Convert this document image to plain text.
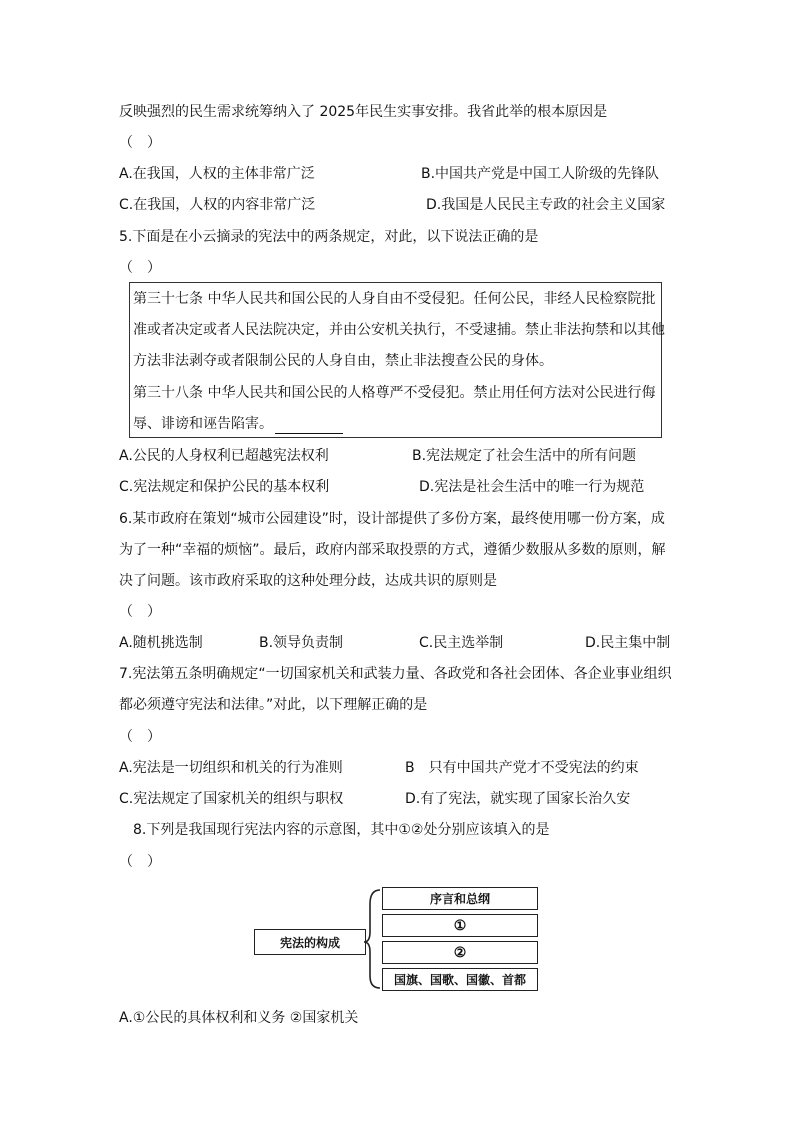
反映强烈的民生需求统筹纳入了 2025年民生实事安排。我省此举的根本原因是
（　）
A.在我国，人权的主体非常广泛	B.中国共产党是中国工人阶级的先锋队
C.在我国，人权的内容非常广泛	D.我国是人民民主专政的社会主义国家
5.下面是在小云摘录的宪法中的两条规定，对此，以下说法正确的是
（　）
第三十七条 中华人民共和国公民的人身自由不受侵犯。任何公民，非经人民检察院批
准或者决定或者人民法院决定，并由公安机关执行，不受逮捕。禁止非法拘禁和以其他
方法非法剥夺或者限制公民的人身自由，禁止非法搜查公民的身体。
第三十八条 中华人民共和国公民的人格尊严不受侵犯。禁止用任何方法对公民进行侮
辱、诽谤和诬告陷害。
A.公民的人身权利已超越宪法权利	B.宪法规定了社会生活中的所有问题
C.宪法规定和保护公民的基本权利	D.宪法是社会生活中的唯一行为规范
6.某市政府在策划“城市公园建设”时，设计部提供了多份方案，最终使用哪一份方案，成
为了一种“幸福的烦恼”。最后，政府内部采取投票的方式，遵循少数服从多数的原则，解
决了问题。该市政府采取的这种处理分歧，达成共识的原则是
（　）
A.随机挑选制	B.领导负责制	C.民主选举制	D.民主集中制
7.宪法第五条明确规定“一切国家机关和武装力量、各政党和各社会团体、各企业事业组织
都必须遵守宪法和法律。”对此，以下理解正确的是
（　）
A.宪法是一切组织和机关的行为准则	B　只有中国共产党才不受宪法的约束
C.宪法规定了国家机关的组织与职权	D.有了宪法，就实现了国家长治久安
8.下列是我国现行宪法内容的示意图，其中①②处分别应该填入的是
（　）
宪法的构成
序言和总纲
①
②
国旗、国歌、国徽、首都
A.①公民的具体权利和义务 ②国家机关
